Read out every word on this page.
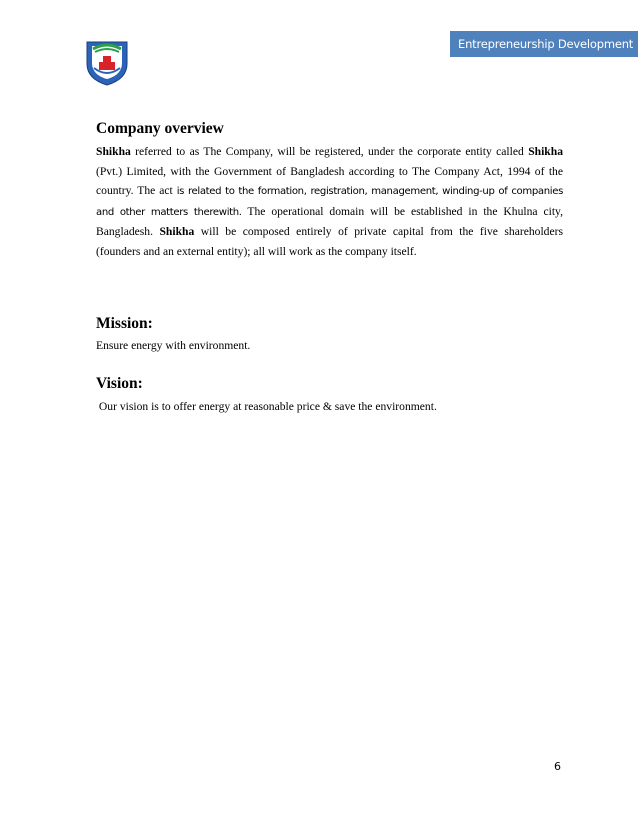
Entrepreneurship Development
Company overview

Shikha referred to as The Company, will be registered, under the corporate entity called Shikha (Pvt.) Limited, with the Government of Bangladesh according to The Company Act, 1994 of the country. The act is related to the formation, registration, management, winding-up of companies and other matters therewith. The operational domain will be established in the Khulna city, Bangladesh. Shikha will be composed entirely of private capital from the five shareholders (founders and an external entity); all will work as the company itself.

Mission:

Ensure energy with environment.

Vision:

Our vision is to offer energy at reasonable price & save the environment.

6
